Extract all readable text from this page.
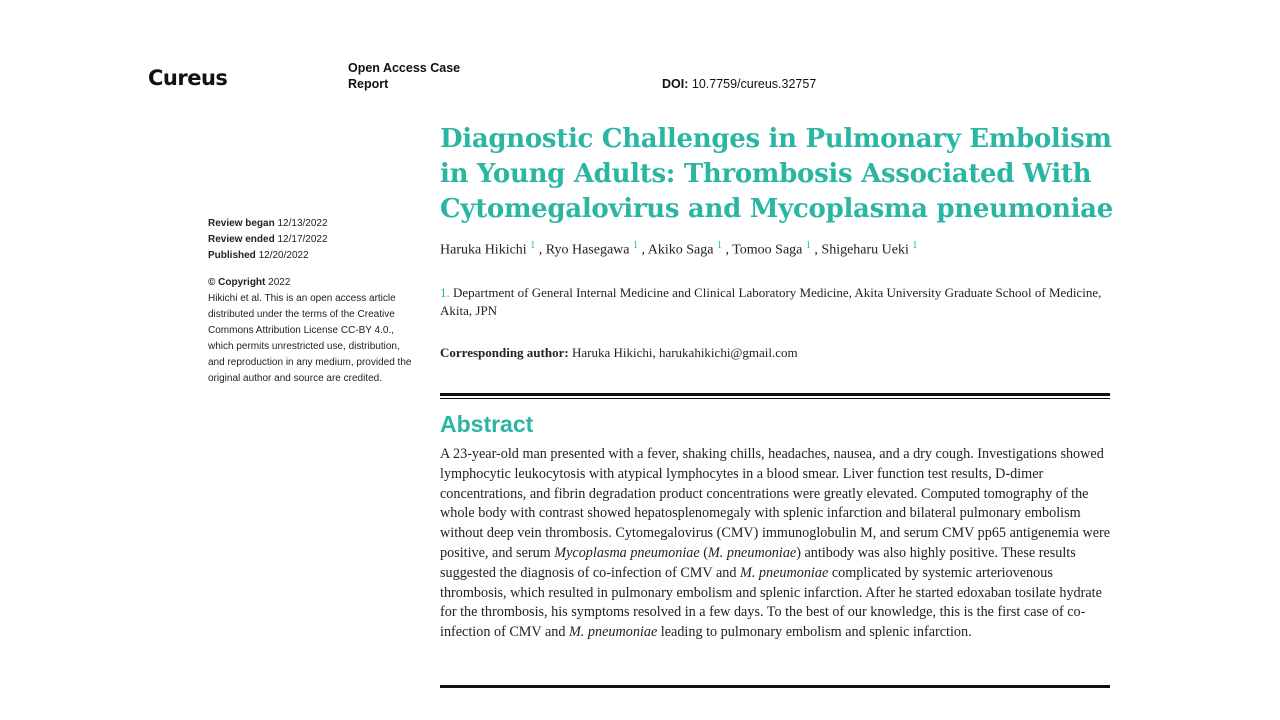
Cureus	Open Access Case
Report	DOI: 10.7759/cureus.32757
Review began 12/13/2022
Review ended 12/17/2022
Published 12/20/2022
© Copyright 2022
Hikichi et al. This is an open access article distributed under the terms of the Creative Commons Attribution License CC-BY 4.0., which permits unrestricted use, distribution, and reproduction in any medium, provided the original author and source are credited.
Diagnostic Challenges in Pulmonary Embolism in Young Adults: Thrombosis Associated With Cytomegalovirus and Mycoplasma pneumoniae
Haruka Hikichi $^1$ , Ryo Hasegawa $^1$ , Akiko Saga $^1$ , Tomoo Saga $^1$ , Shigeharu Ueki $^1$
1. Department of General Internal Medicine and Clinical Laboratory Medicine, Akita University Graduate School of Medicine, Akita, JPN
Corresponding author: Haruka Hikichi, harukahikichi@gmail.com
Abstract
A 23-year-old man presented with a fever, shaking chills, headaches, nausea, and a dry cough. Investigations showed lymphocytic leukocytosis with atypical lymphocytes in a blood smear. Liver function test results, D-dimer concentrations, and fibrin degradation product concentrations were greatly elevated. Computed tomography of the whole body with contrast showed hepatosplenomegaly with splenic infarction and bilateral pulmonary embolism without deep vein thrombosis. Cytomegalovirus (CMV) immunoglobulin M, and serum CMV pp65 antigenemia were positive, and serum Mycoplasma pneumoniae (M. pneumoniae) antibody was also highly positive. These results suggested the diagnosis of co-infection of CMV and M. pneumoniae complicated by systemic arteriovenous thrombosis, which resulted in pulmonary embolism and splenic infarction. After he started edoxaban tosilate hydrate for the thrombosis, his symptoms resolved in a few days. To the best of our knowledge, this is the first case of co-infection of CMV and M. pneumoniae leading to pulmonary embolism and splenic infarction.
